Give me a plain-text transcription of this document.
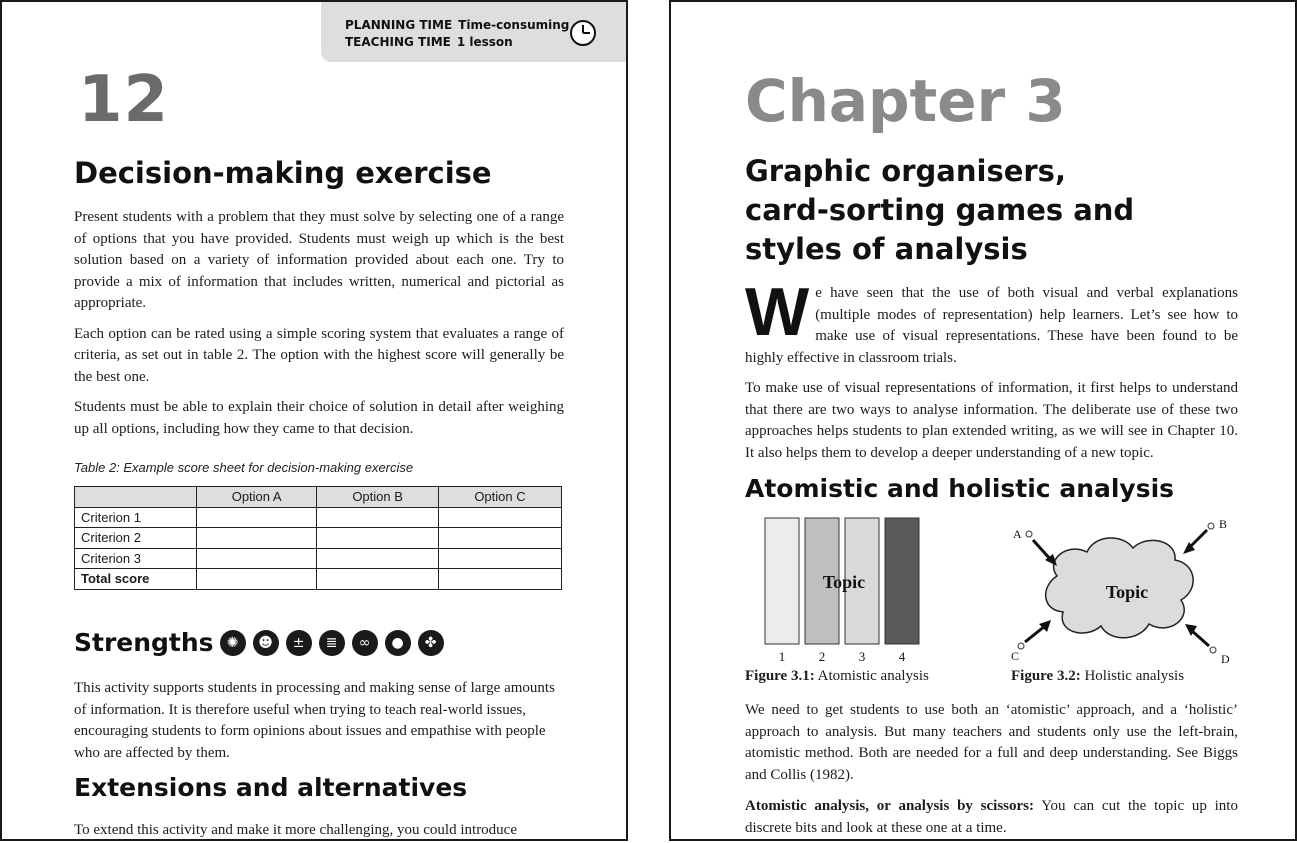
PLANNING TIME Time-consuming
TEACHING TIME 1 lesson
12
Decision-making exercise

Present students with a problem that they must solve by selecting one of a range of options that you have provided. Students must weigh up which is the best solution based on a variety of information provided about each one. Try to provide a mix of information that includes written, numerical and pictorial as appropriate.

Each option can be rated using a simple scoring system that evaluates a range of criteria, as set out in table 2. The option with the highest score will generally be the best one.

Students must be able to explain their choice of solution in detail after weighing up all options, including how they came to that decision.

Table 2: Example score sheet for decision-making exercise
	Option A	Option B	Option C
Criterion 1			
Criterion 2			
Criterion 3			
Total score			
Strengths ✺	☻	±	≣	∞	●	✤

This activity supports students in processing and making sense of large amounts of information. It is therefore useful when trying to teach real-world issues, encouraging students to form opinions about issues and empathise with people who are affected by them.

Extensions and alternatives

To extend this activity and make it more challenging, you could introduce

Chapter 3
Graphic organisers,
card-sorting games and
styles of analysis
W e have seen that the use of both visual and verbal explanations (multiple modes of representation) help learners. Let’s see how to make use of visual representations. These have been found to be highly effective in classroom trials.

To make use of visual representations of information, it first helps to understand that there are two ways to analyse information. The deliberate use of these two approaches helps students to plan extended writing, as we will see in Chapter 10. It also helps them to develop a deeper understanding of a new topic.

Atomistic and holistic analysis
Topic
1	2	3	4
Figure 3.1: Atomistic analysis
Topic
A
B
C	D
Figure 3.2: Holistic analysis

We need to get students to use both an ‘atomistic’ approach, and a ‘holistic’ approach to analysis. But many teachers and students only use the left-brain, atomistic method. Both are needed for a full and deep understanding. See Biggs and Collis (1982).

Atomistic analysis, or analysis by scissors: You can cut the topic up into discrete bits and look at these one at a time.
